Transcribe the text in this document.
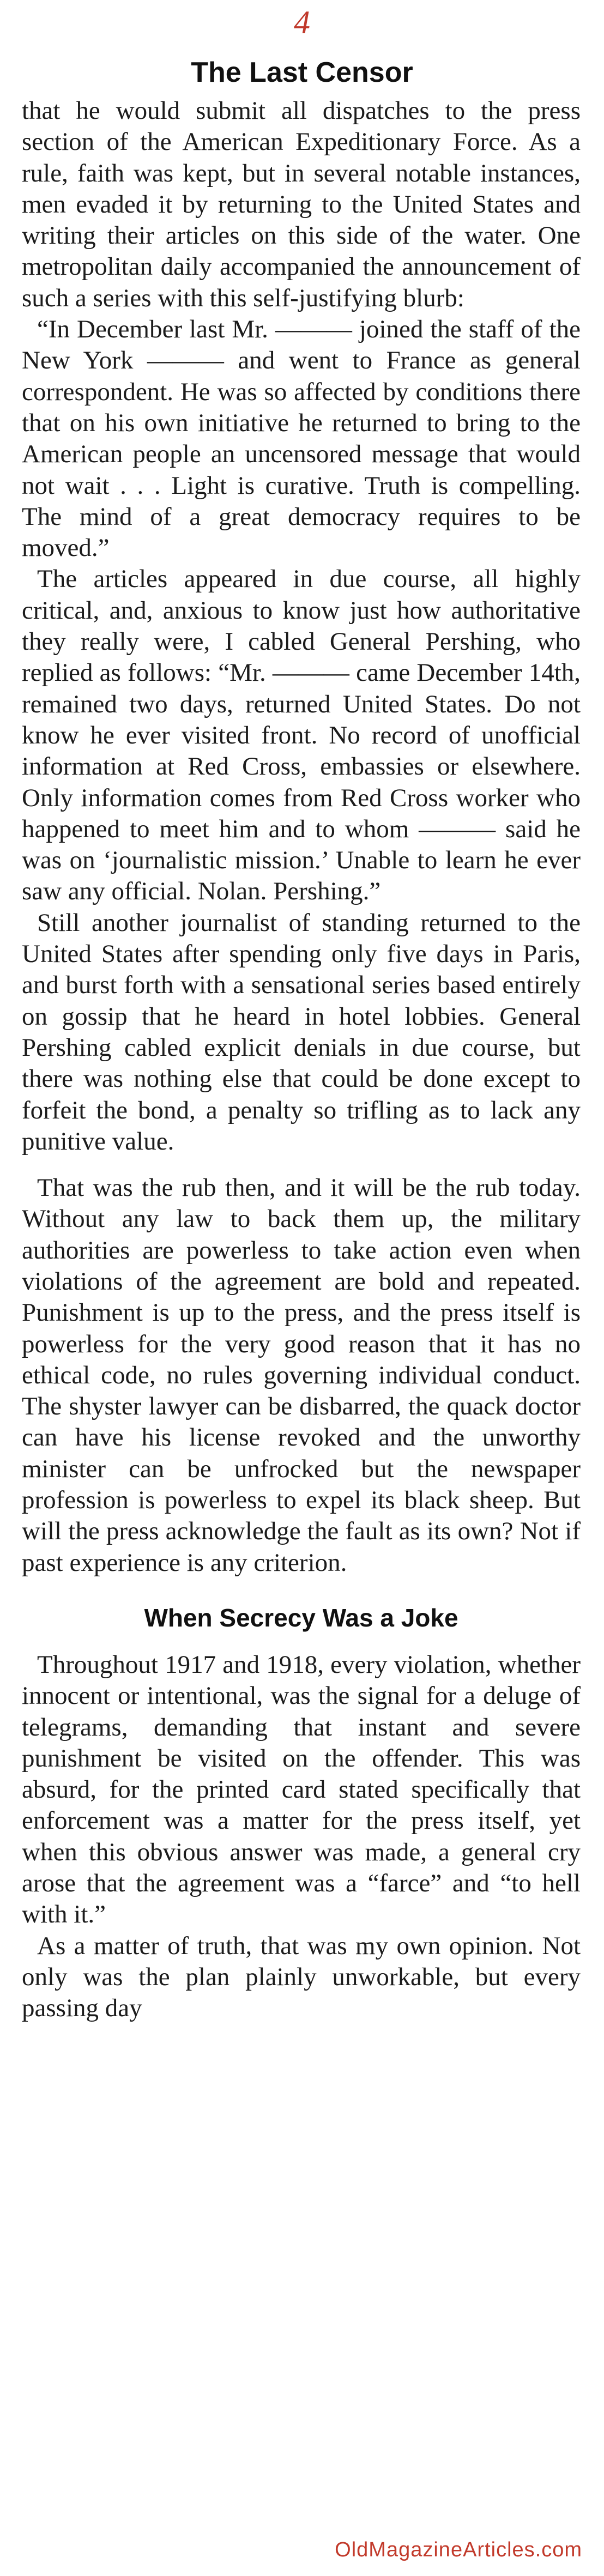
4
The Last Censor

that he would submit all dispatches to the press section of the American Expeditionary Force. As a rule, faith was kept, but in several notable instances, men evaded it by returning to the United States and writing their articles on this side of the water. One metropolitan daily accompanied the announcement of such a series with this self-justifying blurb:

“In December last Mr. ——— joined the staff of the New York ——— and went to France as general correspondent. He was so affected by conditions there that on his own initiative he returned to bring to the American people an uncensored message that would not wait . . . Light is curative. Truth is compelling. The mind of a great democracy requires to be moved.”

The articles appeared in due course, all highly critical, and, anxious to know just how authoritative they really were, I cabled General Pershing, who replied as follows: “Mr. ——— came December 14th, remained two days, returned United States. Do not know he ever visited front. No record of unofficial information at Red Cross, embassies or elsewhere. Only information comes from Red Cross worker who happened to meet him and to whom ——— said he was on ‘journalistic mission.’ Unable to learn he ever saw any official. Nolan. Pershing.”

Still another journalist of standing returned to the United States after spending only five days in Paris, and burst forth with a sensational series based entirely on gossip that he heard in hotel lobbies. General Pershing cabled explicit denials in due course, but there was nothing else that could be done except to forfeit the bond, a penalty so trifling as to lack any punitive value.

That was the rub then, and it will be the rub today. Without any law to back them up, the military authorities are powerless to take action even when violations of the agreement are bold and repeated. Punishment is up to the press, and the press itself is powerless for the very good reason that it has no ethical code, no rules governing individual conduct. The shyster lawyer can be disbarred, the quack doctor can have his license revoked and the unworthy minister can be unfrocked but the newspaper profession is powerless to expel its black sheep. But will the press acknowledge the fault as its own? Not if past experience is any criterion.

When Secrecy Was a Joke

Throughout 1917 and 1918, every violation, whether innocent or intentional, was the signal for a deluge of telegrams, demanding that instant and severe punishment be visited on the offender. This was absurd, for the printed card stated specifically that enforcement was a matter for the press itself, yet when this obvious answer was made, a general cry arose that the agreement was a “farce” and “to hell with it.”

As a matter of truth, that was my own opinion. Not only was the plan plainly unworkable, but every passing day

OldMagazineArticles.com
